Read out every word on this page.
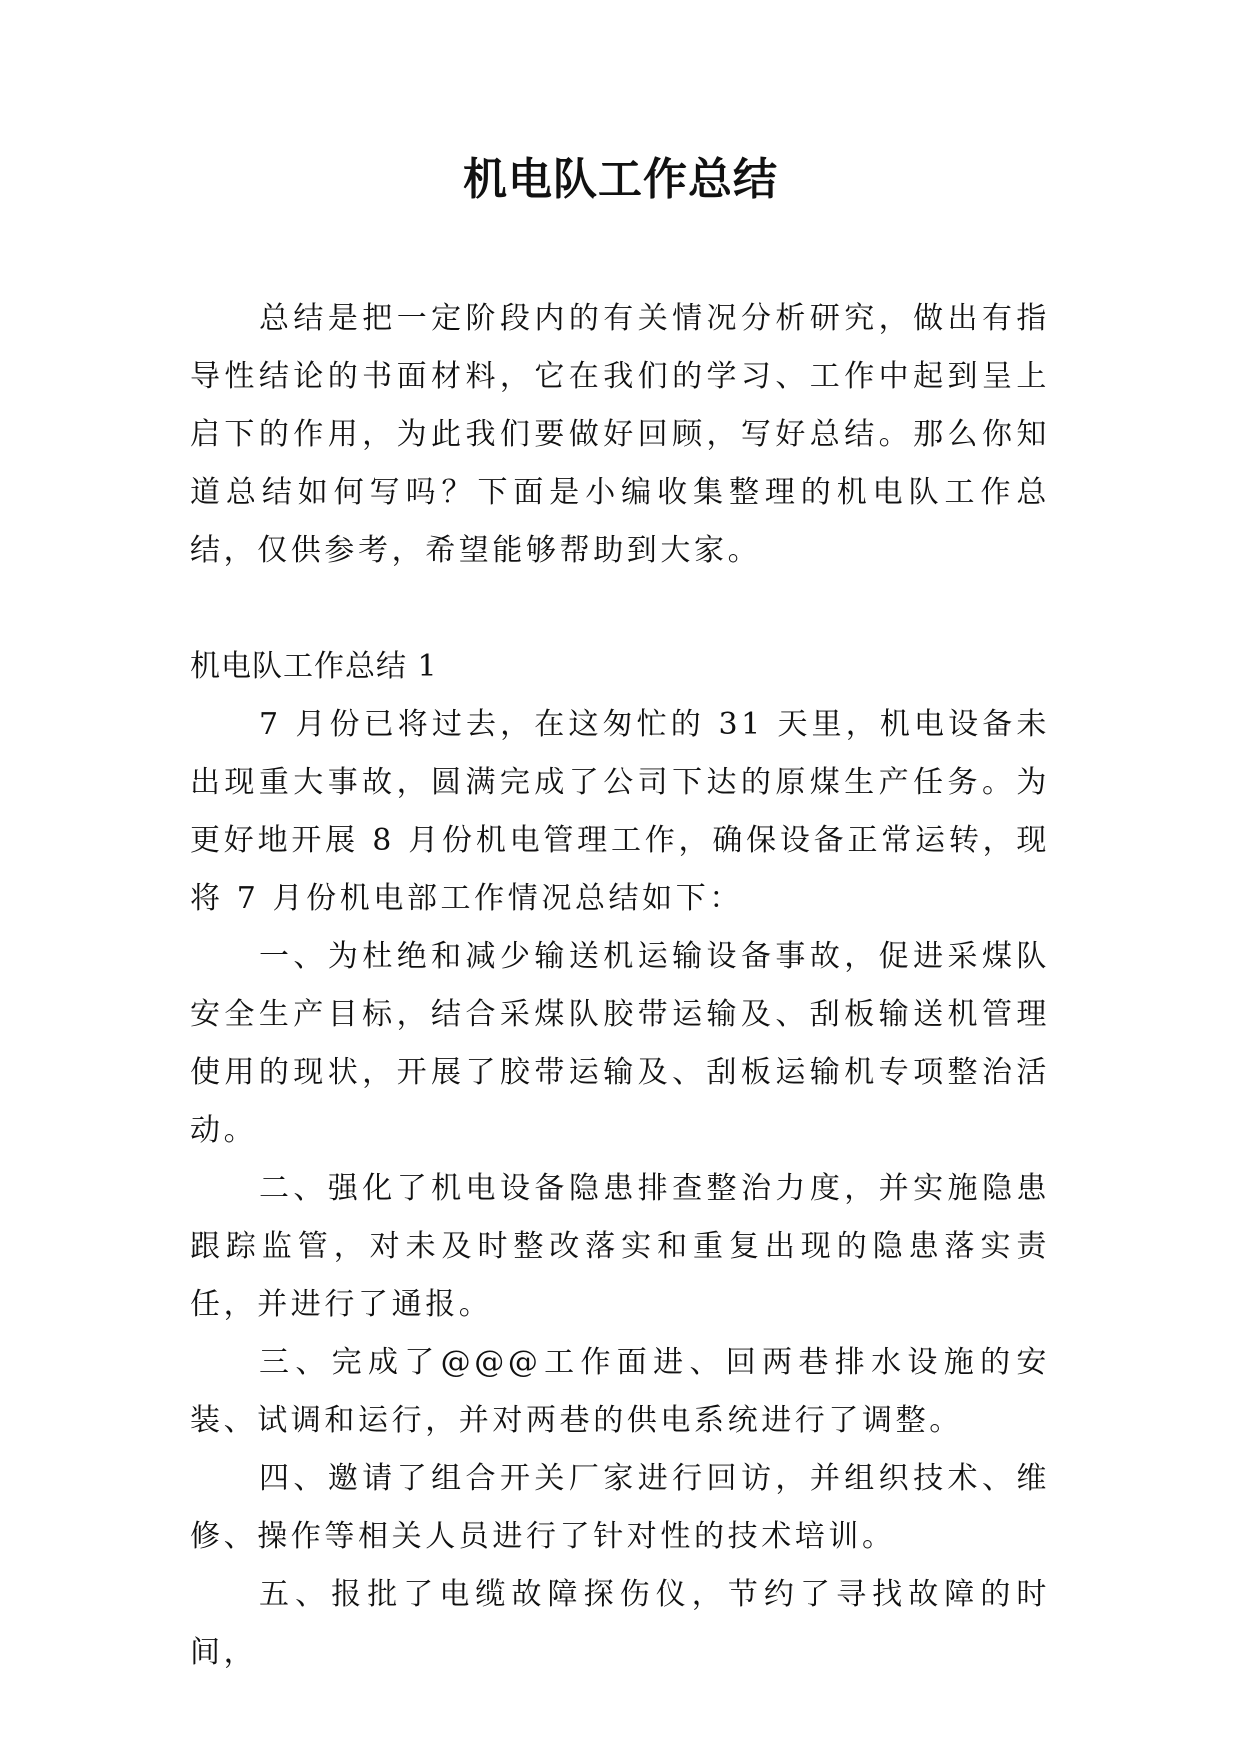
机电队工作总结

总结是把一定阶段内的有关情况分析研究，做出有指导性结论的书面材料，它在我们的学习、工作中起到呈上启下的作用，为此我们要做好回顾，写好总结。那么你知道总结如何写吗？下面是小编收集整理的机电队工作总结，仅供参考，希望能够帮助到大家。

机电队工作总结 1

7 月份已将过去，在这匆忙的 31 天里，机电设备未出现重大事故，圆满完成了公司下达的原煤生产任务。为更好地开展 8 月份机电管理工作，确保设备正常运转，现将 7 月份机电部工作情况总结如下：

一、为杜绝和减少输送机运输设备事故，促进采煤队安全生产目标，结合采煤队胶带运输及、刮板输送机管理使用的现状，开展了胶带运输及、刮板运输机专项整治活动。

二、强化了机电设备隐患排查整治力度，并实施隐患跟踪监管，对未及时整改落实和重复出现的隐患落实责任，并进行了通报。

三、完成了@@@工作面进、回两巷排水设施的安装、试调和运行，并对两巷的供电系统进行了调整。

四、邀请了组合开关厂家进行回访，并组织技术、维修、操作等相关人员进行了针对性的技术培训。

五、报批了电缆故障探伤仪，节约了寻找故障的时间，
